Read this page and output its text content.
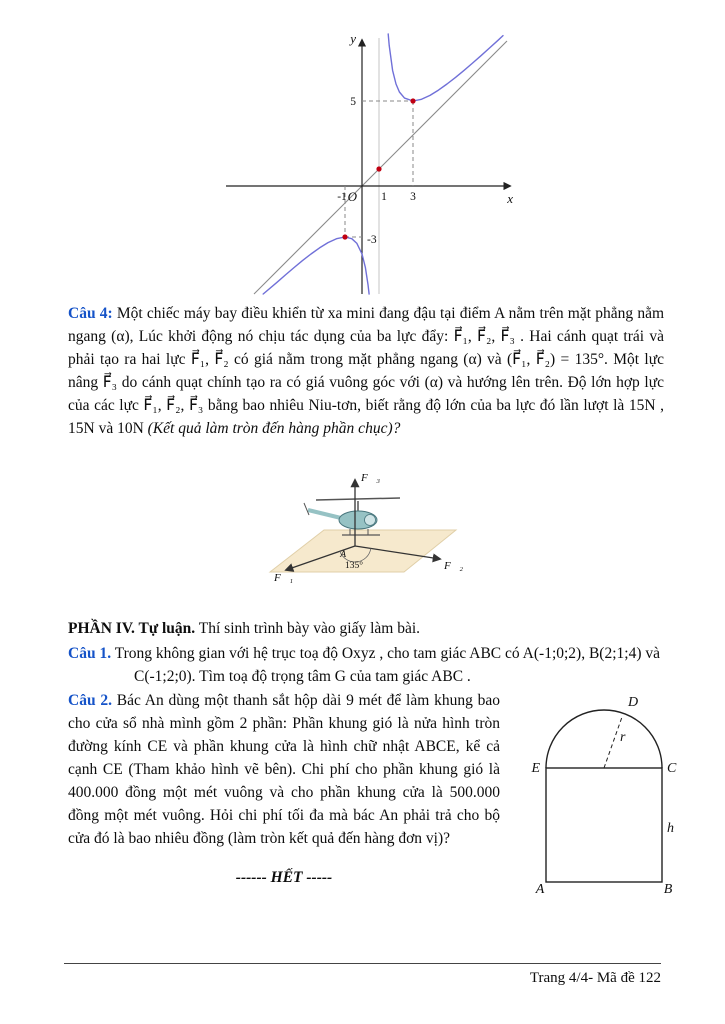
y
x
O
-1	1 3
5
-3

Câu 4: Một chiếc máy bay điều khiển từ xa mini đang đậu tại điểm A nằm trên mặt phẳng nằm ngang (α), Lúc khởi động nó chịu tác dụng của ba lực đẩy: F⃗₁, F⃗₂, F⃗₃ . Hai cánh quạt trái và phải tạo ra hai lực F⃗₁, F⃗₂ có giá nằm trong mặt phẳng ngang (α) và (F⃗₁, F⃗₂) = 135°. Một lực nâng F⃗₃ do cánh quạt chính tạo ra có giá vuông góc với (α) và hướng lên trên. Độ lớn hợp lực của các lực F⃗₁, F⃗₂, F⃗₃ bằng bao nhiêu Niu-tơn, biết rằng độ lớn của ba lực đó lần lượt là 15N , 15N và 10N (Kết quả làm tròn đến hàng phần chục)?

F⃗₃
F⃗₂
F⃗₁
135°
A

PHẦN IV. Tự luận. Thí sinh trình bày vào giấy làm bài.

Câu 1. Trong không gian với hệ trục toạ độ Oxyz , cho tam giác ABC có A(-1;0;2), B(2;1;4) và
C(-1;2;0). Tìm toạ độ trọng tâm G của tam giác ABC .

Câu 2. Bác An dùng một thanh sắt hộp dài 9 mét để làm khung bao cho cửa sổ nhà mình gồm 2 phần: Phần khung gió là nửa hình tròn đường kính CE và phần khung cửa là hình chữ nhật ABCE, kể cả cạnh CE (Tham khảo hình vẽ bên). Chi phí cho phần khung gió là 400.000 đồng một mét vuông và cho phần khung cửa là 500.000 đồng một mét vuông. Hỏi chi phí tối đa mà bác An phải trả cho bộ cửa đó là bao nhiêu đồng (làm tròn kết quả đến hàng đơn vị)?

------ HẾT -----

D
E	C
A	B
r
h
Trang 4/4- Mã đề 122
